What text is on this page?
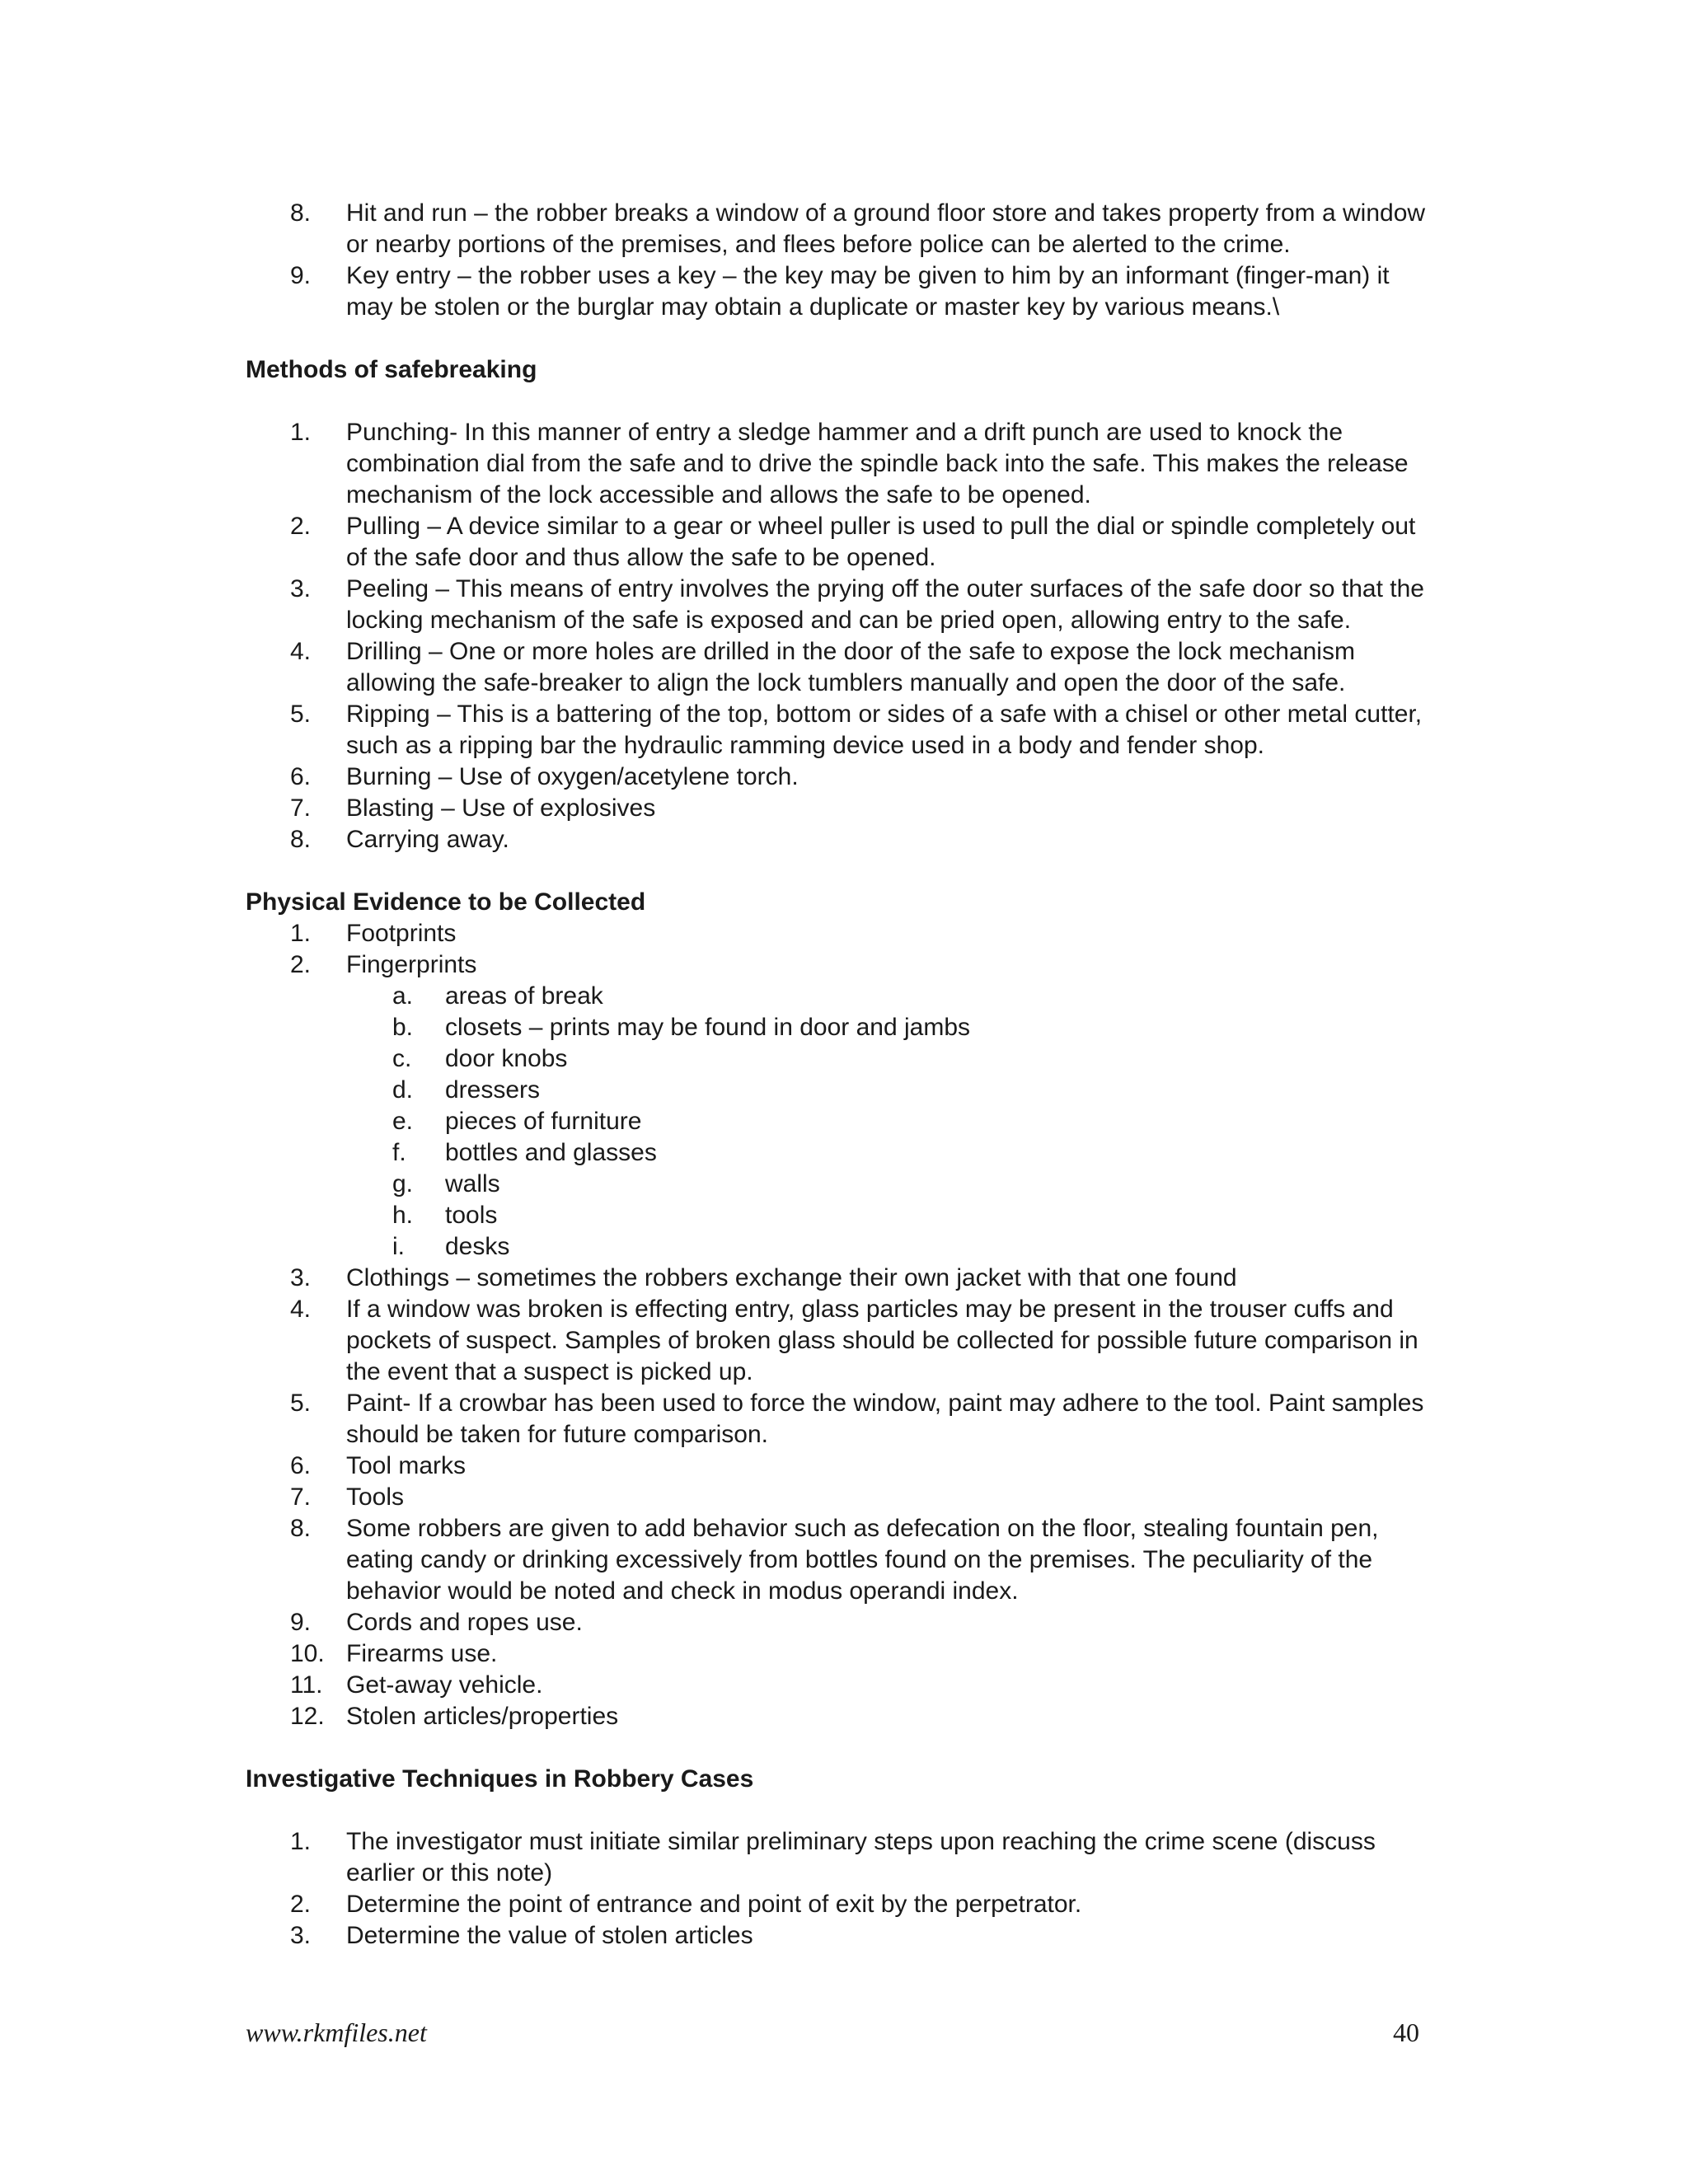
8.	Hit and run – the robber breaks a window of a ground floor store and takes property from a window or nearby portions of the premises, and flees before police can be alerted to the crime.
9.	Key entry – the robber uses a key – the key may be given to him by an informant (finger-man) it may be stolen or the burglar may obtain a duplicate or master key by various means.\
Methods of safebreaking
1.	Punching- In this manner of entry a sledge hammer and a drift punch are used to knock the combination dial from the safe and to drive the spindle back into the safe. This makes the release mechanism of the lock accessible and allows the safe to be opened.
2.	Pulling – A device similar to a gear or wheel puller is used to pull the dial or spindle completely out of the safe door and thus allow the safe to be opened.
3.	Peeling – This means of entry involves the prying off the outer surfaces of the safe door so that the locking mechanism of the safe is exposed and can be pried open, allowing entry to the safe.
4.	Drilling – One or more holes are drilled in the door of the safe to expose the lock mechanism allowing the safe-breaker to align the lock tumblers manually and open the door of the safe.
5.	Ripping – This is a battering of the top, bottom or sides of a safe with a chisel or other metal cutter, such as a ripping bar the hydraulic ramming device used in a body and fender shop.
6.	Burning – Use of oxygen/acetylene torch.
7.	Blasting – Use of explosives
8.	Carrying away.
Physical Evidence to be Collected
1.	Footprints
2.	Fingerprints
a.	areas of break
b.	closets – prints may be found in door and jambs
c.	door knobs
d.	dressers
e.	pieces of furniture
f.	bottles and glasses
g.	walls
h.	tools
i.	desks
3.	Clothings – sometimes the robbers exchange their own jacket with that one found
4.	If a window was broken is effecting entry, glass particles may be present in the trouser cuffs and pockets of suspect. Samples of broken glass should be collected for possible future comparison in the event that a suspect is picked up.
5.	Paint- If a crowbar has been used to force the window, paint may adhere to the tool. Paint samples should be taken for future comparison.
6.	Tool marks
7.	Tools
8.	Some robbers are given to add behavior such as defecation on the floor, stealing fountain pen, eating candy or drinking excessively from bottles found on the premises. The peculiarity of the behavior would be noted and check in modus operandi index.
9.	Cords and ropes use.
10. Firearms use.
11. Get-away vehicle.
12. Stolen articles/properties
Investigative Techniques in Robbery Cases
1.	The investigator must initiate similar preliminary steps upon reaching the crime scene (discuss earlier or this note)
2.	Determine the point of entrance and point of exit by the perpetrator.
3.	Determine the value of stolen articles
www.rkmfiles.net	40
